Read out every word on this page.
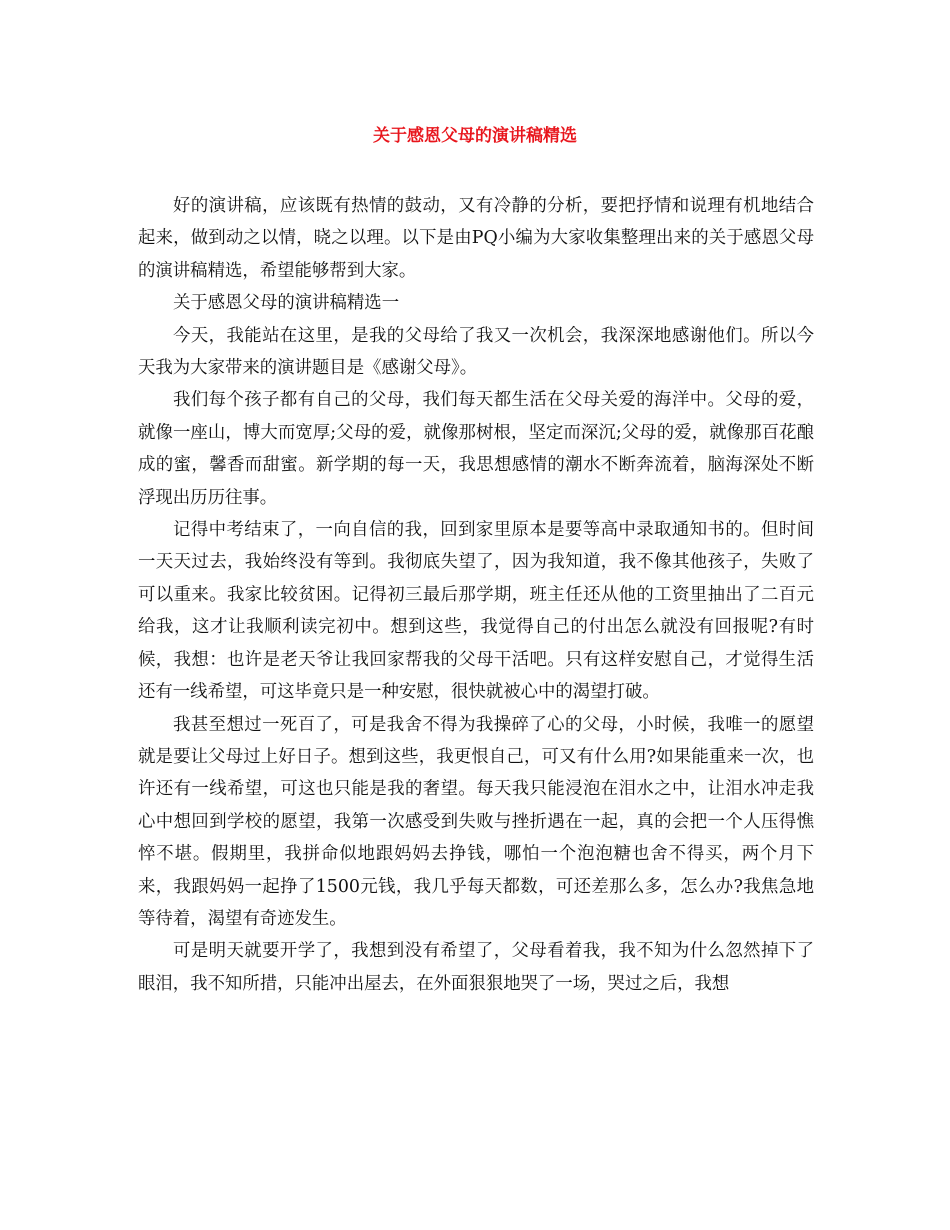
关于感恩父母的演讲稿精选

好的演讲稿，应该既有热情的鼓动，又有冷静的分析，要把抒情和说理有机地结合起来，做到动之以情，晓之以理。以下是由PQ小编为大家收集整理出来的关于感恩父母的演讲稿精选，希望能够帮到大家。

关于感恩父母的演讲稿精选一

今天，我能站在这里，是我的父母给了我又一次机会，我深深地感谢他们。所以今天我为大家带来的演讲题目是《感谢父母》。

我们每个孩子都有自己的父母，我们每天都生活在父母关爱的海洋中。父母的爱，就像一座山，博大而宽厚;父母的爱，就像那树根，坚定而深沉;父母的爱，就像那百花酿成的蜜，馨香而甜蜜。新学期的每一天，我思想感情的潮水不断奔流着，脑海深处不断浮现出历历往事。

记得中考结束了，一向自信的我，回到家里原本是要等高中录取通知书的。但时间一天天过去，我始终没有等到。我彻底失望了，因为我知道，我不像其他孩子，失败了可以重来。我家比较贫困。记得初三最后那学期，班主任还从他的工资里抽出了二百元给我，这才让我顺利读完初中。想到这些，我觉得自己的付出怎么就没有回报呢?有时候，我想：也许是老天爷让我回家帮我的父母干活吧。只有这样安慰自己，才觉得生活还有一线希望，可这毕竟只是一种安慰，很快就被心中的渴望打破。

我甚至想过一死百了，可是我舍不得为我操碎了心的父母，小时候，我唯一的愿望就是要让父母过上好日子。想到这些，我更恨自己，可又有什么用?如果能重来一次，也许还有一线希望，可这也只能是我的奢望。每天我只能浸泡在泪水之中，让泪水冲走我心中想回到学校的愿望，我第一次感受到失败与挫折遇在一起，真的会把一个人压得憔悴不堪。假期里，我拼命似地跟妈妈去挣钱，哪怕一个泡泡糖也舍不得买，两个月下来，我跟妈妈一起挣了1500元钱，我几乎每天都数，可还差那么多，怎么办?我焦急地等待着，渴望有奇迹发生。

可是明天就要开学了，我想到没有希望了，父母看着我，我不知为什么忽然掉下了眼泪，我不知所措，只能冲出屋去，在外面狠狠地哭了一场，哭过之后，我想
